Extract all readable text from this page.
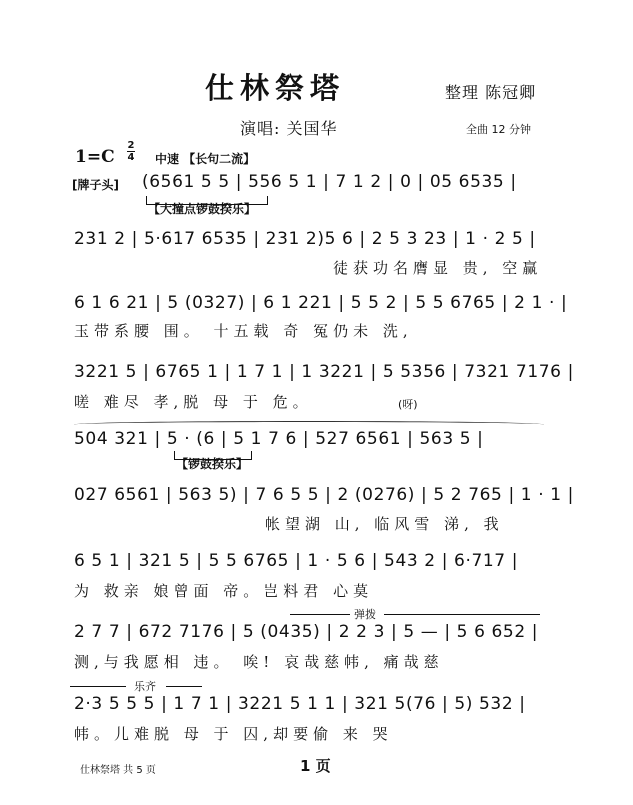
仕林祭塔	整理 陈冠卿
演唱: 关国华	全曲 12 分钟
1=C
2
4 中速 【长句二流】
[牌子头] (6561 5 5 | 556 5 1 | 7 1 2 | 0 | 05 6535 |
【大撞点锣鼓揆乐】
231 2 | 5·617 6535 | 231 2)5 6 | 2 5 3 23 | 1 · 2 5 |
徒获功名膺显 贵, 空赢
6 1 6 21 | 5 (0327) | 6 1 221 | 5 5 2 | 5 5 6765 | 2 1 · |
玉带系腰 围。 十五载 奇 冤仍未 洗,
3221 5 | 6765 1 | 1 7 1 | 1 3221 | 5 5356 | 7321 7176 |
嗟 难尽 孝,脱 母 于 危。	(呀)
504 321 | 5 · (6 | 5 1 7 6 | 527 6561 | 563 5 |
【锣鼓揆乐】
027 6561 | 563 5) | 7 6 5 5 | 2 (0276) | 5 2 765 | 1 · 1 |
帐望湖 山, 临风雪 涕, 我
6 5 1 | 321 5 | 5 5 6765 | 1 · 5 6 | 543 2 | 6·717 |
为 救亲 娘曾面 帝。岂料君 心莫
弹拨
2 7 7 | 672 7176 | 5 (0435) | 2 2 3 | 5 — | 5 6 652 |
测,与我愿相 违。 唉! 哀哉慈帏, 痛哉慈
乐齐
2·3 5 5 5 | 1 7 1 | 3221 5 1 1 | 321 5(76 | 5) 532 |
帏。儿难脱 母 于 囚,却要偷 来 哭
仕林祭塔 共 5 页	1 页
